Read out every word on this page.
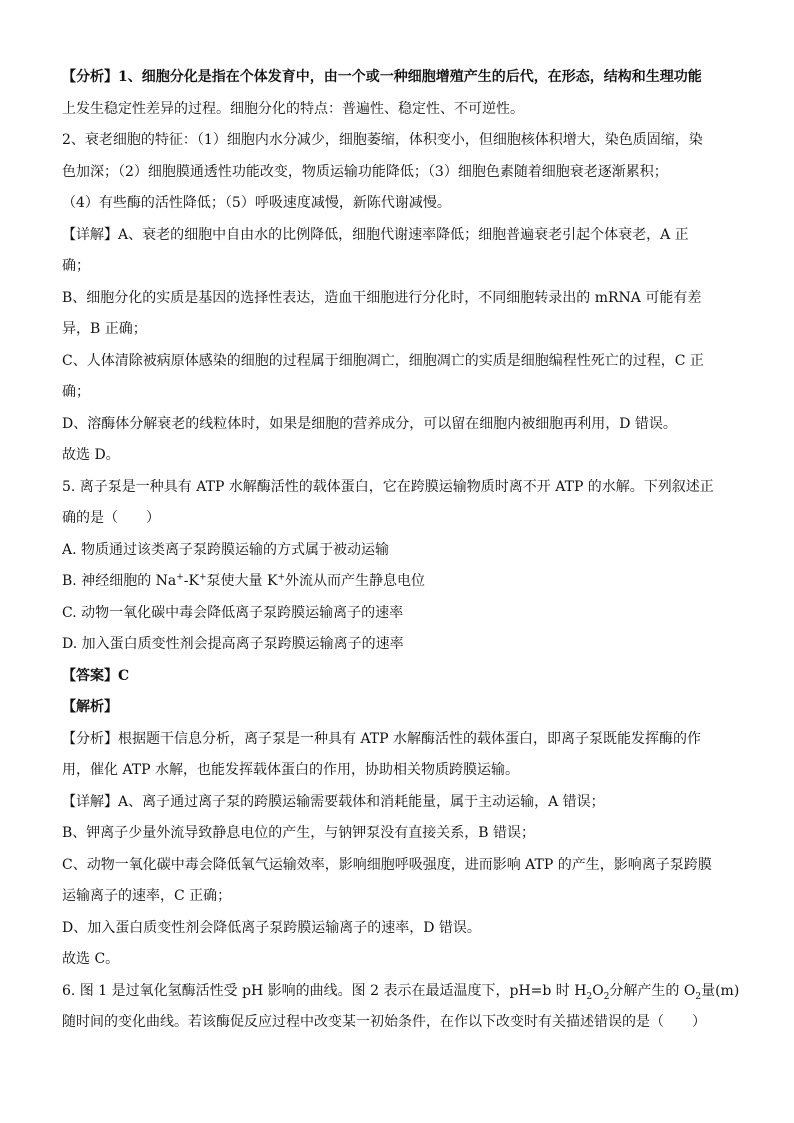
【分析】1、细胞分化是指在个体发育中，由一个或一种细胞增殖产生的后代，在形态，结构和生理功能
上发生稳定性差异的过程。细胞分化的特点：普遍性、稳定性、不可逆性。
2、衰老细胞的特征：（1）细胞内水分减少，细胞萎缩，体积变小，但细胞核体积增大，染色质固缩，染
色加深；（2）细胞膜通透性功能改变，物质运输功能降低；（3）细胞色素随着细胞衰老逐渐累积；
（4）有些酶的活性降低；（5）呼吸速度减慢，新陈代谢减慢。
【详解】A、衰老的细胞中自由水的比例降低，细胞代谢速率降低；细胞普遍衰老引起个体衰老，A 正
确；
B、细胞分化的实质是基因的选择性表达，造血干细胞进行分化时，不同细胞转录出的 mRNA 可能有差
异，B 正确；
C、人体清除被病原体感染的细胞的过程属于细胞凋亡，细胞凋亡的实质是细胞编程性死亡的过程，C 正
确；
D、溶酶体分解衰老的线粒体时，如果是细胞的营养成分，可以留在细胞内被细胞再利用，D 错误。
故选 D。
5. 离子泵是一种具有 ATP 水解酶活性的载体蛋白，它在跨膜运输物质时离不开 ATP 的水解。下列叙述正
确的是（　　）
A. 物质通过该类离子泵跨膜运输的方式属于被动运输
B. 神经细胞的 Na+-K+泵使大量 K+外流从而产生静息电位
C. 动物一氧化碳中毒会降低离子泵跨膜运输离子的速率
D. 加入蛋白质变性剂会提高离子泵跨膜运输离子的速率
【答案】C
【解析】
【分析】根据题干信息分析，离子泵是一种具有 ATP 水解酶活性的载体蛋白，即离子泵既能发挥酶的作
用，催化 ATP 水解，也能发挥载体蛋白的作用，协助相关物质跨膜运输。
【详解】A、离子通过离子泵的跨膜运输需要载体和消耗能量，属于主动运输，A 错误；
B、钾离子少量外流导致静息电位的产生，与钠钾泵没有直接关系，B 错误；
C、动物一氧化碳中毒会降低氧气运输效率，影响细胞呼吸强度，进而影响 ATP 的产生，影响离子泵跨膜
运输离子的速率，C 正确；
D、加入蛋白质变性剂会降低离子泵跨膜运输离子的速率，D 错误。
故选 C。
6. 图 1 是过氧化氢酶活性受 pH 影响的曲线。图 2 表示在最适温度下，pH=b 时 $H_2O_2$分解产生的 $O_2$量(m)
随时间的变化曲线。若该酶促反应过程中改变某一初始条件，在作以下改变时有关描述错误的是（　　）
